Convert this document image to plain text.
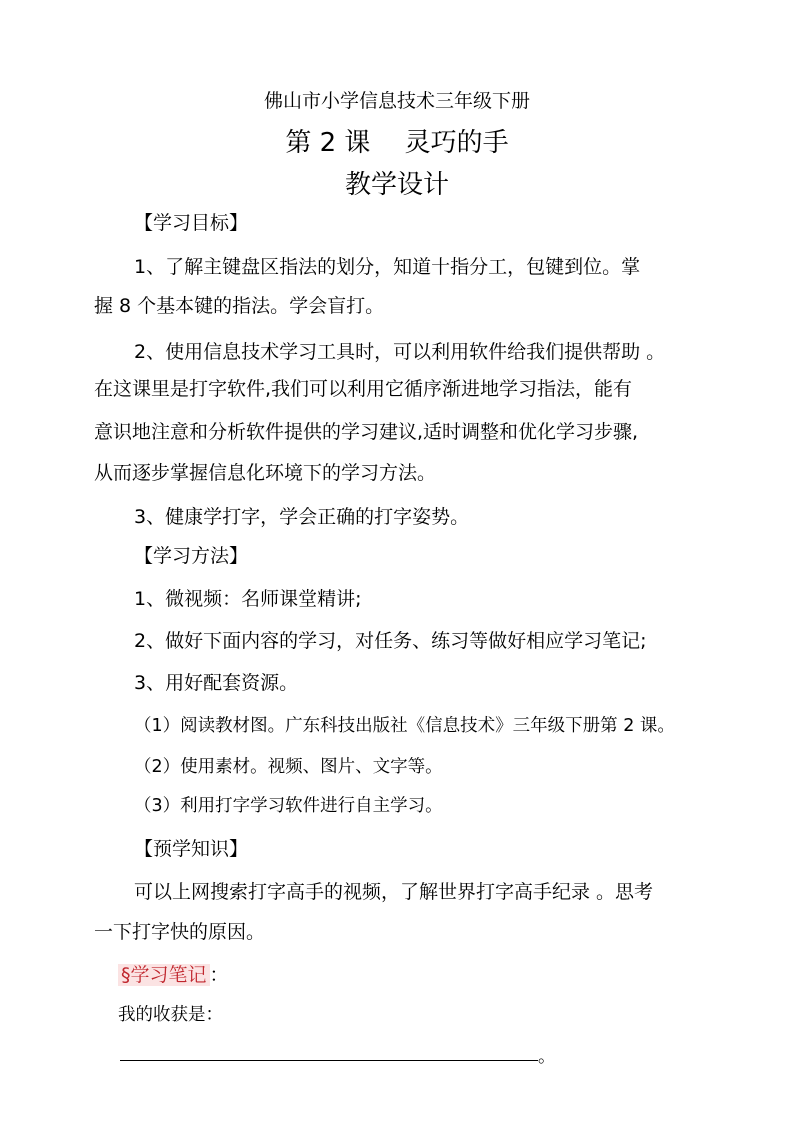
佛山市小学信息技术三年级下册
第 2 课　 灵巧的手
教学设计
【学习目标】
1、了解主键盘区指法的划分，知道十指分工，包键到位。掌
握 8 个基本键的指法。学会盲打。
2、使用信息技术学习工具时，可以利用软件给我们提供帮助 。
在这课里是打字软件,我们可以利用它循序渐进地学习指法，能有
意识地注意和分析软件提供的学习建议,适时调整和优化学习步骤,
从而逐步掌握信息化环境下的学习方法。
3、健康学打字，学会正确的打字姿势。
【学习方法】
1、微视频：名师课堂精讲;
2、做好下面内容的学习，对任务、练习等做好相应学习笔记;
3、用好配套资源。
（1）阅读教材图。广东科技出版社《信息技术》三年级下册第 2 课。
（2）使用素材。视频、图片、文字等。
（3）利用打字学习软件进行自主学习。
【预学知识】
可以上网搜索打字高手的视频，了解世界打字高手纪录 。思考
一下打字快的原因。
§学习笔记 ：
我的收获是：
。
